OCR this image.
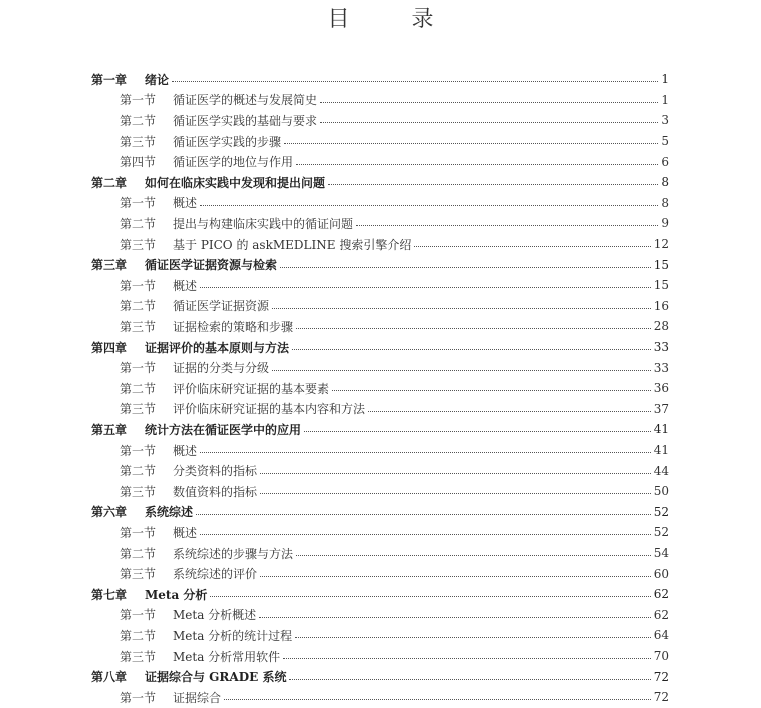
目	录
第一章	绪论	1
第一节	循证医学的概述与发展简史	1
第二节	循证医学实践的基础与要求	3
第三节	循证医学实践的步骤	5
第四节	循证医学的地位与作用	6
第二章	如何在临床实践中发现和提出问题	8
第一节	概述	8
第二节	提出与构建临床实践中的循证问题	9
第三节	基于 PICO 的 askMEDLINE 搜索引擎介绍	12
第三章	循证医学证据资源与检索	15
第一节	概述	15
第二节	循证医学证据资源	16
第三节	证据检索的策略和步骤	28
第四章	证据评价的基本原则与方法	33
第一节	证据的分类与分级	33
第二节	评价临床研究证据的基本要素	36
第三节	评价临床研究证据的基本内容和方法	37
第五章	统计方法在循证医学中的应用	41
第一节	概述	41
第二节	分类资料的指标	44
第三节	数值资料的指标	50
第六章	系统综述	52
第一节	概述	52
第二节	系统综述的步骤与方法	54
第三节	系统综述的评价	60
第七章	Meta 分析	62
第一节	Meta 分析概述	62
第二节	Meta 分析的统计过程	64
第三节	Meta 分析常用软件	70
第八章	证据综合与 GRADE 系统	72
第一节	证据综合	72
